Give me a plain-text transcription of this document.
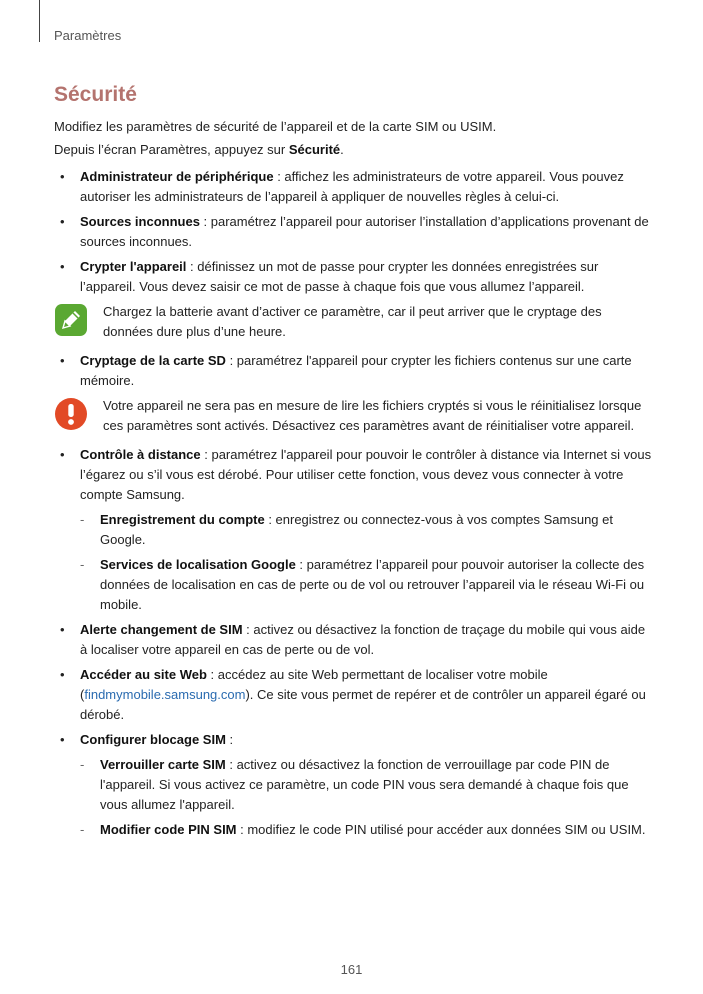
Paramètres
Sécurité

Modifiez les paramètres de sécurité de l’appareil et de la carte SIM ou USIM.

Depuis l’écran Paramètres, appuyez sur Sécurité.

• Administrateur de périphérique : affichez les administrateurs de votre appareil. Vous pouvez autoriser les administrateurs de l’appareil à appliquer de nouvelles règles à celui-ci.
• Sources inconnues : paramétrez l’appareil pour autoriser l’installation d’applications provenant de sources inconnues.
• Crypter l'appareil : définissez un mot de passe pour crypter les données enregistrées sur l’appareil. Vous devez saisir ce mot de passe à chaque fois que vous allumez l’appareil.
Chargez la batterie avant d’activer ce paramètre, car il peut arriver que le cryptage des données dure plus d’une heure.
• Cryptage de la carte SD : paramétrez l'appareil pour crypter les fichiers contenus sur une carte mémoire.
Votre appareil ne sera pas en mesure de lire les fichiers cryptés si vous le réinitialisez lorsque ces paramètres sont activés. Désactivez ces paramètres avant de réinitialiser votre appareil.
• Contrôle à distance : paramétrez l'appareil pour pouvoir le contrôler à distance via Internet si vous l’égarez ou s’il vous est dérobé. Pour utiliser cette fonction, vous devez vous connecter à votre compte Samsung.
- Enregistrement du compte : enregistrez ou connectez-vous à vos comptes Samsung et Google.
- Services de localisation Google : paramétrez l’appareil pour pouvoir autoriser la collecte des données de localisation en cas de perte ou de vol ou retrouver l’appareil via le réseau Wi-Fi ou mobile.
• Alerte changement de SIM : activez ou désactivez la fonction de traçage du mobile qui vous aide à localiser votre appareil en cas de perte ou de vol.
• Accéder au site Web : accédez au site Web permettant de localiser votre mobile (findmymobile.samsung.com). Ce site vous permet de repérer et de contrôler un appareil égaré ou dérobé.
• Configurer blocage SIM :
- Verrouiller carte SIM : activez ou désactivez la fonction de verrouillage par code PIN de l'appareil. Si vous activez ce paramètre, un code PIN vous sera demandé à chaque fois que vous allumez l'appareil.
- Modifier code PIN SIM : modifiez le code PIN utilisé pour accéder aux données SIM ou USIM.
161
